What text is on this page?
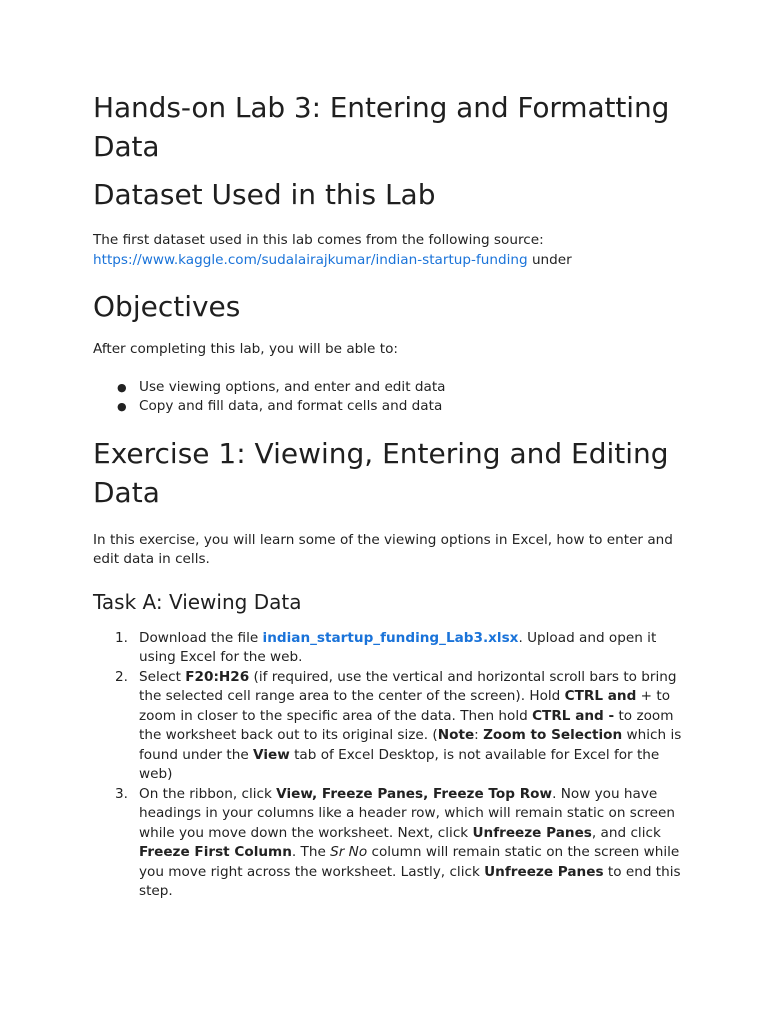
Hands-on Lab 3: Entering and Formatting Data
Dataset Used in this Lab

The first dataset used in this lab comes from the following source: https://www.kaggle.com/sudalairajkumar/indian-startup-funding under

Objectives

After completing this lab, you will be able to:

● Use viewing options, and enter and edit data
● Copy and fill data, and format cells and data
Exercise 1: Viewing, Entering and Editing Data

In this exercise, you will learn some of the viewing options in Excel, how to enter and edit data in cells.

Task A: Viewing Data
1. Download the file indian_startup_funding_Lab3.xlsx. Upload and open it using Excel for the web.
2. Select F20:H26 (if required, use the vertical and horizontal scroll bars to bring the selected cell range area to the center of the screen). Hold CTRL and + to zoom in closer to the specific area of the data. Then hold CTRL and - to zoom the worksheet back out to its original size. (Note: Zoom to Selection which is found under the View tab of Excel Desktop, is not available for Excel for the web)
3. On the ribbon, click View, Freeze Panes, Freeze Top Row. Now you have headings in your columns like a header row, which will remain static on screen while you move down the worksheet. Next, click Unfreeze Panes, and click Freeze First Column. The Sr No column will remain static on the screen while you move right across the worksheet. Lastly, click Unfreeze Panes to end this step.
